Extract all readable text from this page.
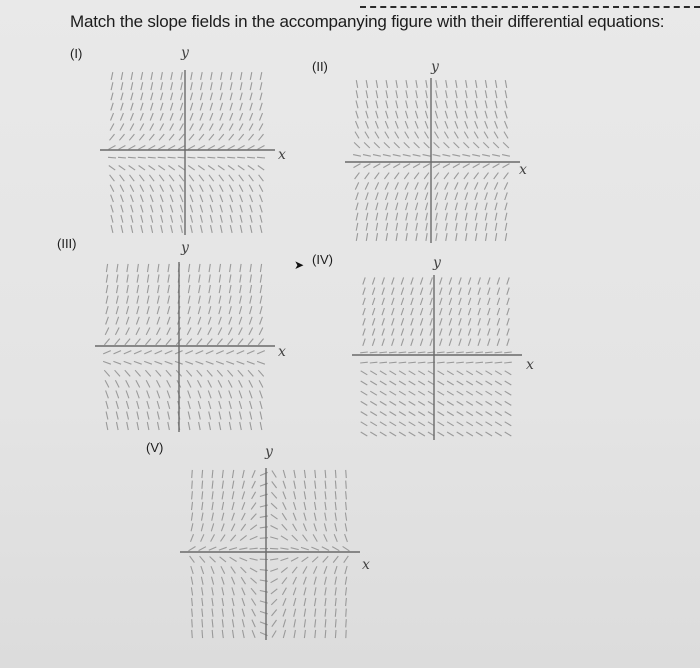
Match the slope fields in the accompanying figure with their differential equations:
(I)	y
x
(II)	y
x
(III)	y
x
➤ (IV)	y
x
(V)	y
x
